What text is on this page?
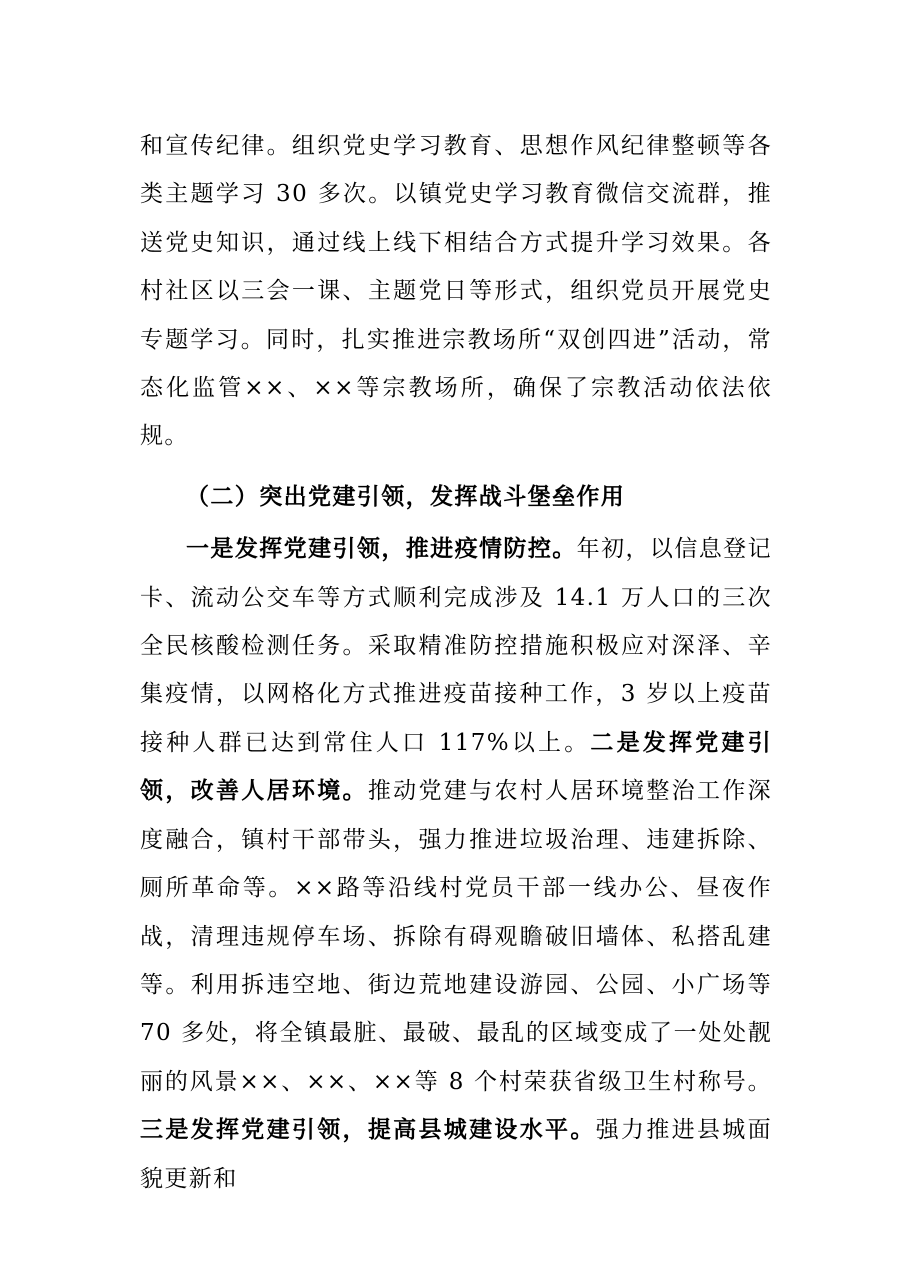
和宣传纪律。组织党史学习教育、思想作风纪律整顿等各类主题学习 30 多次。以镇党史学习教育微信交流群，推送党史知识，通过线上线下相结合方式提升学习效果。各村社区以三会一课、主题党日等形式，组织党员开展党史专题学习。同时，扎实推进宗教场所“双创四进”活动，常态化监管××、××等宗教场所，确保了宗教活动依法依规。

（二）突出党建引领，发挥战斗堡垒作用

一是发挥党建引领，推进疫情防控。年初，以信息登记卡、流动公交车等方式顺利完成涉及 14.1 万人口的三次全民核酸检测任务。采取精准防控措施积极应对深泽、辛集疫情，以网格化方式推进疫苗接种工作，3 岁以上疫苗接种人群已达到常住人口 117%以上。二是发挥党建引领，改善人居环境。推动党建与农村人居环境整治工作深度融合，镇村干部带头，强力推进垃圾治理、违建拆除、厕所革命等。××路等沿线村党员干部一线办公、昼夜作战，清理违规停车场、拆除有碍观瞻破旧墙体、私搭乱建等。利用拆违空地、街边荒地建设游园、公园、小广场等 70 多处，将全镇最脏、最破、最乱的区域变成了一处处靓丽的风景××、××、××等 8 个村荣获省级卫生村称号。三是发挥党建引领，提高县城建设水平。强力推进县城面貌更新和
